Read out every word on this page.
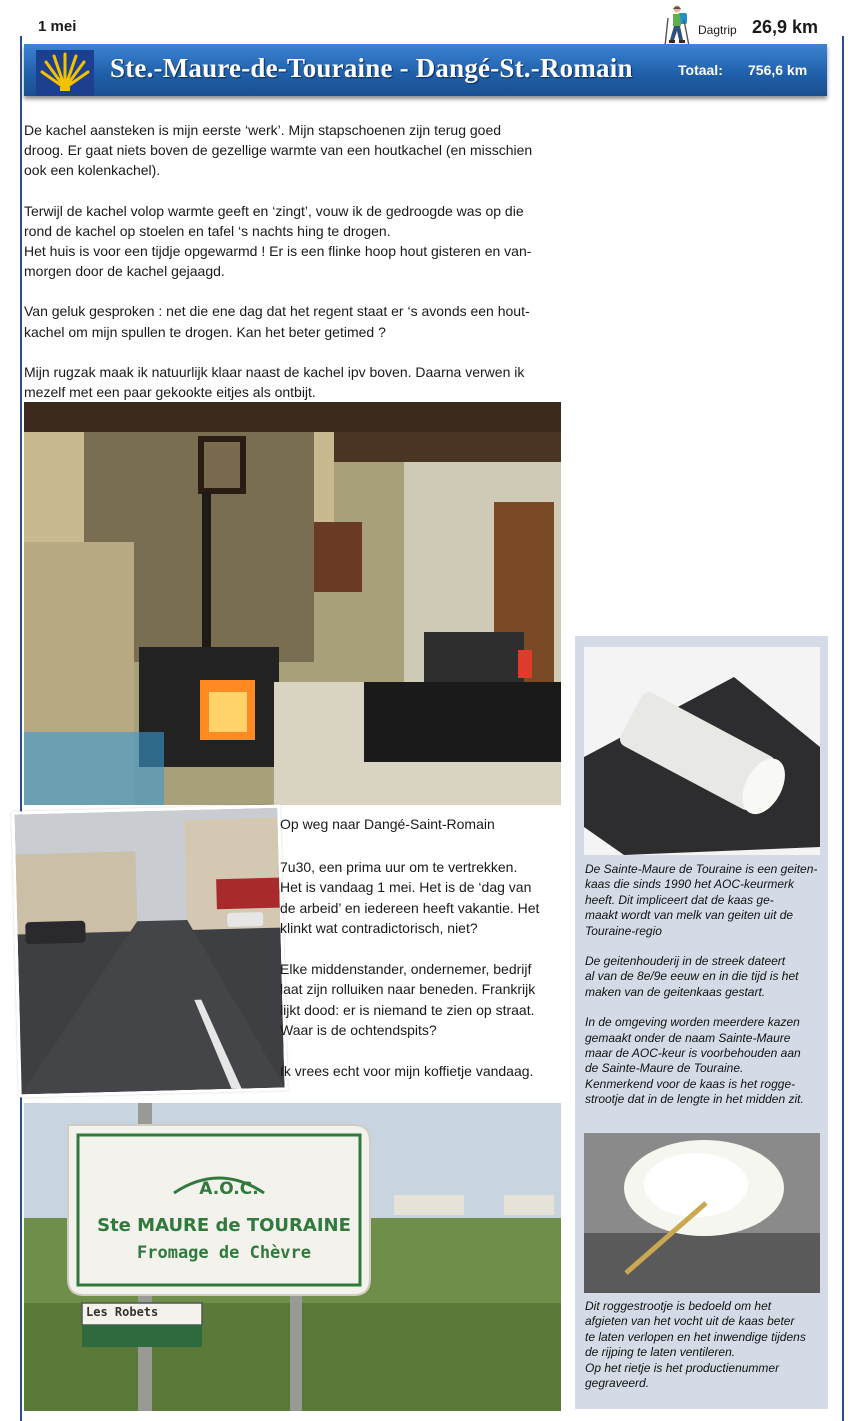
1 mei	Dagtrip 26,9 km
Ste.-Maure-de-Touraine - Dangé-St.-Romain	Totaal: 756,6 km

De kachel aansteken is mijn eerste ‘werk’. Mijn stapschoenen zijn terug goed
droog. Er gaat niets boven de gezellige warmte van een houtkachel (en misschien
ook een kolenkachel).

Terwijl de kachel volop warmte geeft en ‘zingt’, vouw ik de gedroogde was op die
rond de kachel op stoelen en tafel ‘s nachts hing te drogen.
Het huis is voor een tijdje opgewarmd ! Er is een flinke hoop hout gisteren en van-
morgen door de kachel gejaagd.

Van geluk gesproken : net die ene dag dat het regent staat er ‘s avonds een hout-
kachel om mijn spullen te drogen. Kan het beter getimed ?

Mijn rugzak maak ik natuurlijk klaar naast de kachel ipv boven. Daarna verwen ik
mezelf met een paar gekookte eitjes als ontbijt.

Op weg naar Dangé-Saint-Romain

7u30, een prima uur om te vertrekken.
Het is vandaag 1 mei. Het is de ‘dag van
de arbeid’ en iedereen heeft vakantie. Het
klinkt wat contradictorisch, niet?

Elke middenstander, ondernemer, bedrijf
laat zijn rolluiken naar beneden. Frankrijk
lijkt dood: er is niemand te zien op straat.
Waar is de ochtendspits?

Ik vrees echt voor mijn koffietje vandaag.

A.O.C.
Ste MAURE de TOURAINE
Fromage de Chèvre
Les Robets

De Sainte-Maure de Touraine is een geiten-
kaas die sinds 1990 het AOC-keurmerk
heeft. Dit impliceert dat de kaas ge-
maakt wordt van melk van geiten uit de
Touraine-regio

De geitenhouderij in de streek dateert
al van de 8e/9e eeuw en in die tijd is het
maken van de geitenkaas gestart.

In de omgeving worden meerdere kazen
gemaakt onder de naam Sainte-Maure
maar de AOC-keur is voorbehouden aan
de Sainte-Maure de Touraine.
Kenmerkend voor de kaas is het rogge-
strootje dat in de lengte in het midden zit.

Dit roggestrootje is bedoeld om het
afgieten van het vocht uit de kaas beter
te laten verlopen en het inwendige tijdens
de rijping te laten ventileren.
Op het rietje is het productienummer
gegraveerd.
